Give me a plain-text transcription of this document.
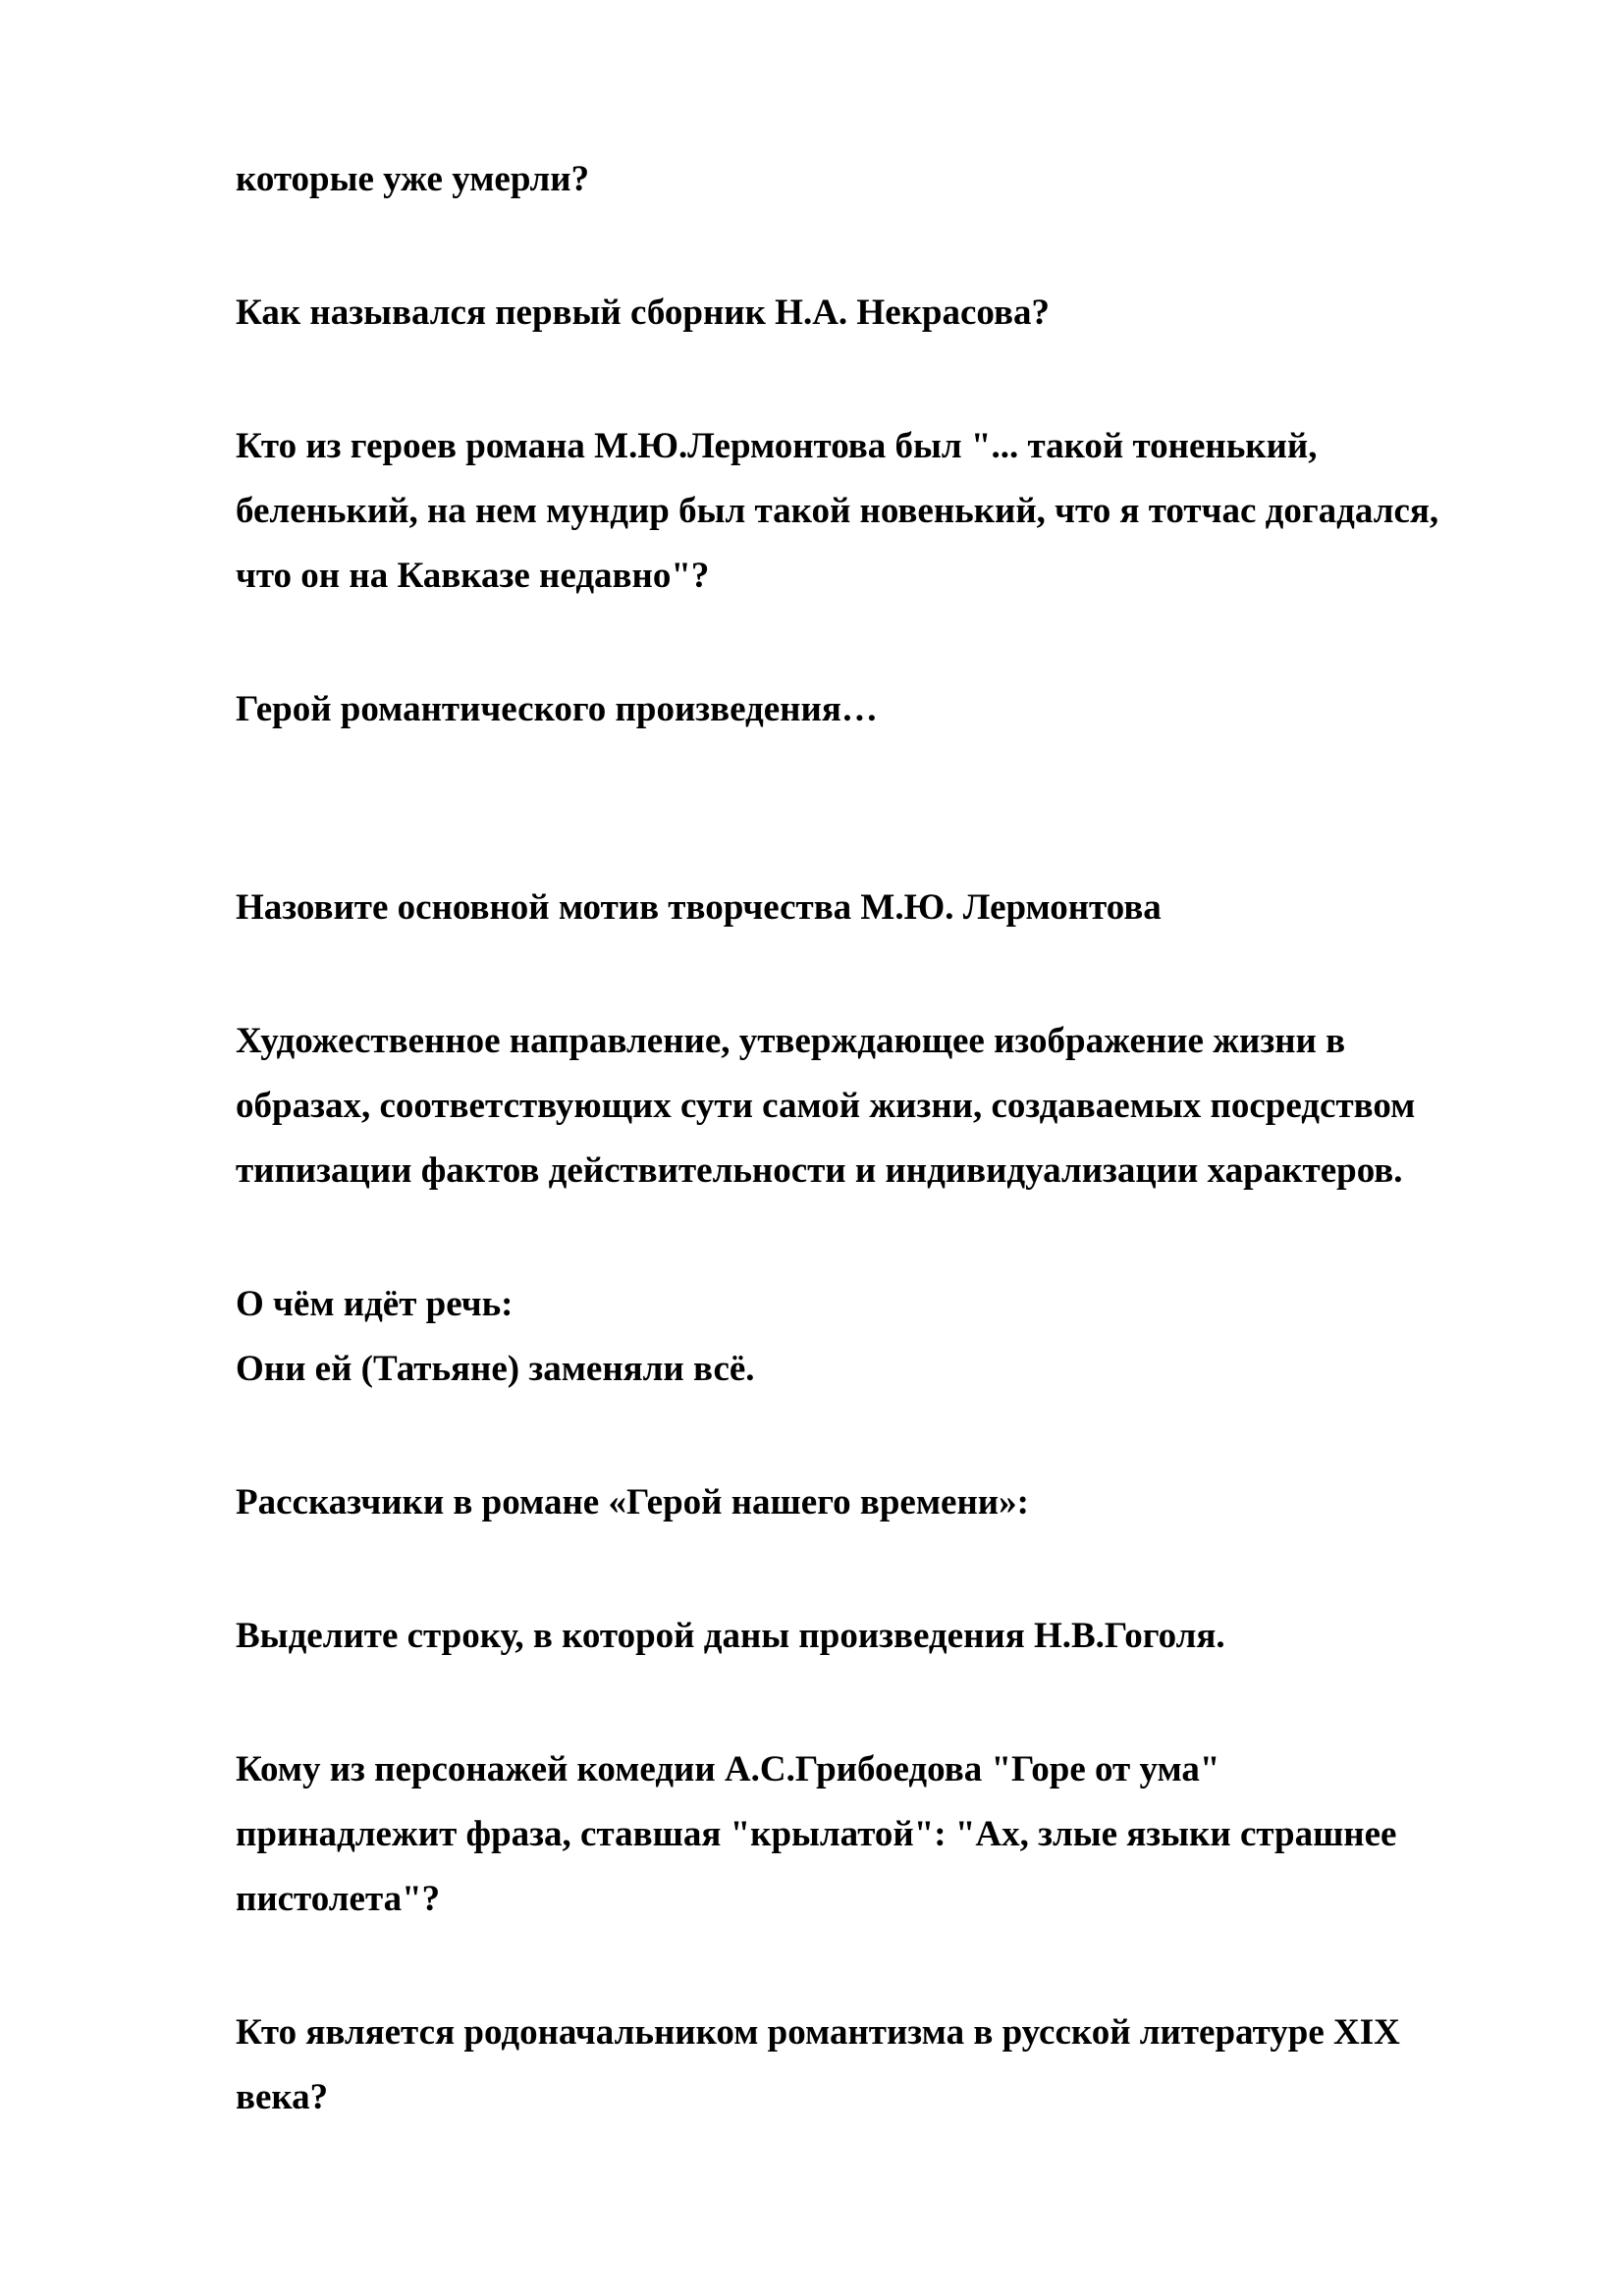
которые уже умерли?
Как назывался первый сборник Н.А. Некрасова?
Кто из героев романа М.Ю.Лермонтова был "... такой тоненький,
беленький, на нем мундир был такой новенький, что я тотчас догадался,
что он на Кавказе недавно"?
Герой романтического произведения…
Назовите основной мотив творчества М.Ю. Лермонтова
Художественное направление, утверждающее изображение жизни в
образах, соответствующих сути самой жизни, создаваемых посредством
типизации фактов действительности и индивидуализации характеров.
О чём идёт речь:
Они ей (Татьяне) заменяли всё.
Рассказчики в романе «Герой нашего времени»:
Выделите строку, в которой даны произведения Н.В.Гоголя.
Кому из персонажей комедии А.С.Грибоедова "Горе от ума"
принадлежит фраза, ставшая "крылатой": "Ах, злые языки страшнее
пистолета"?
Кто является родоначальником романтизма в русской литературе XIX
века?
